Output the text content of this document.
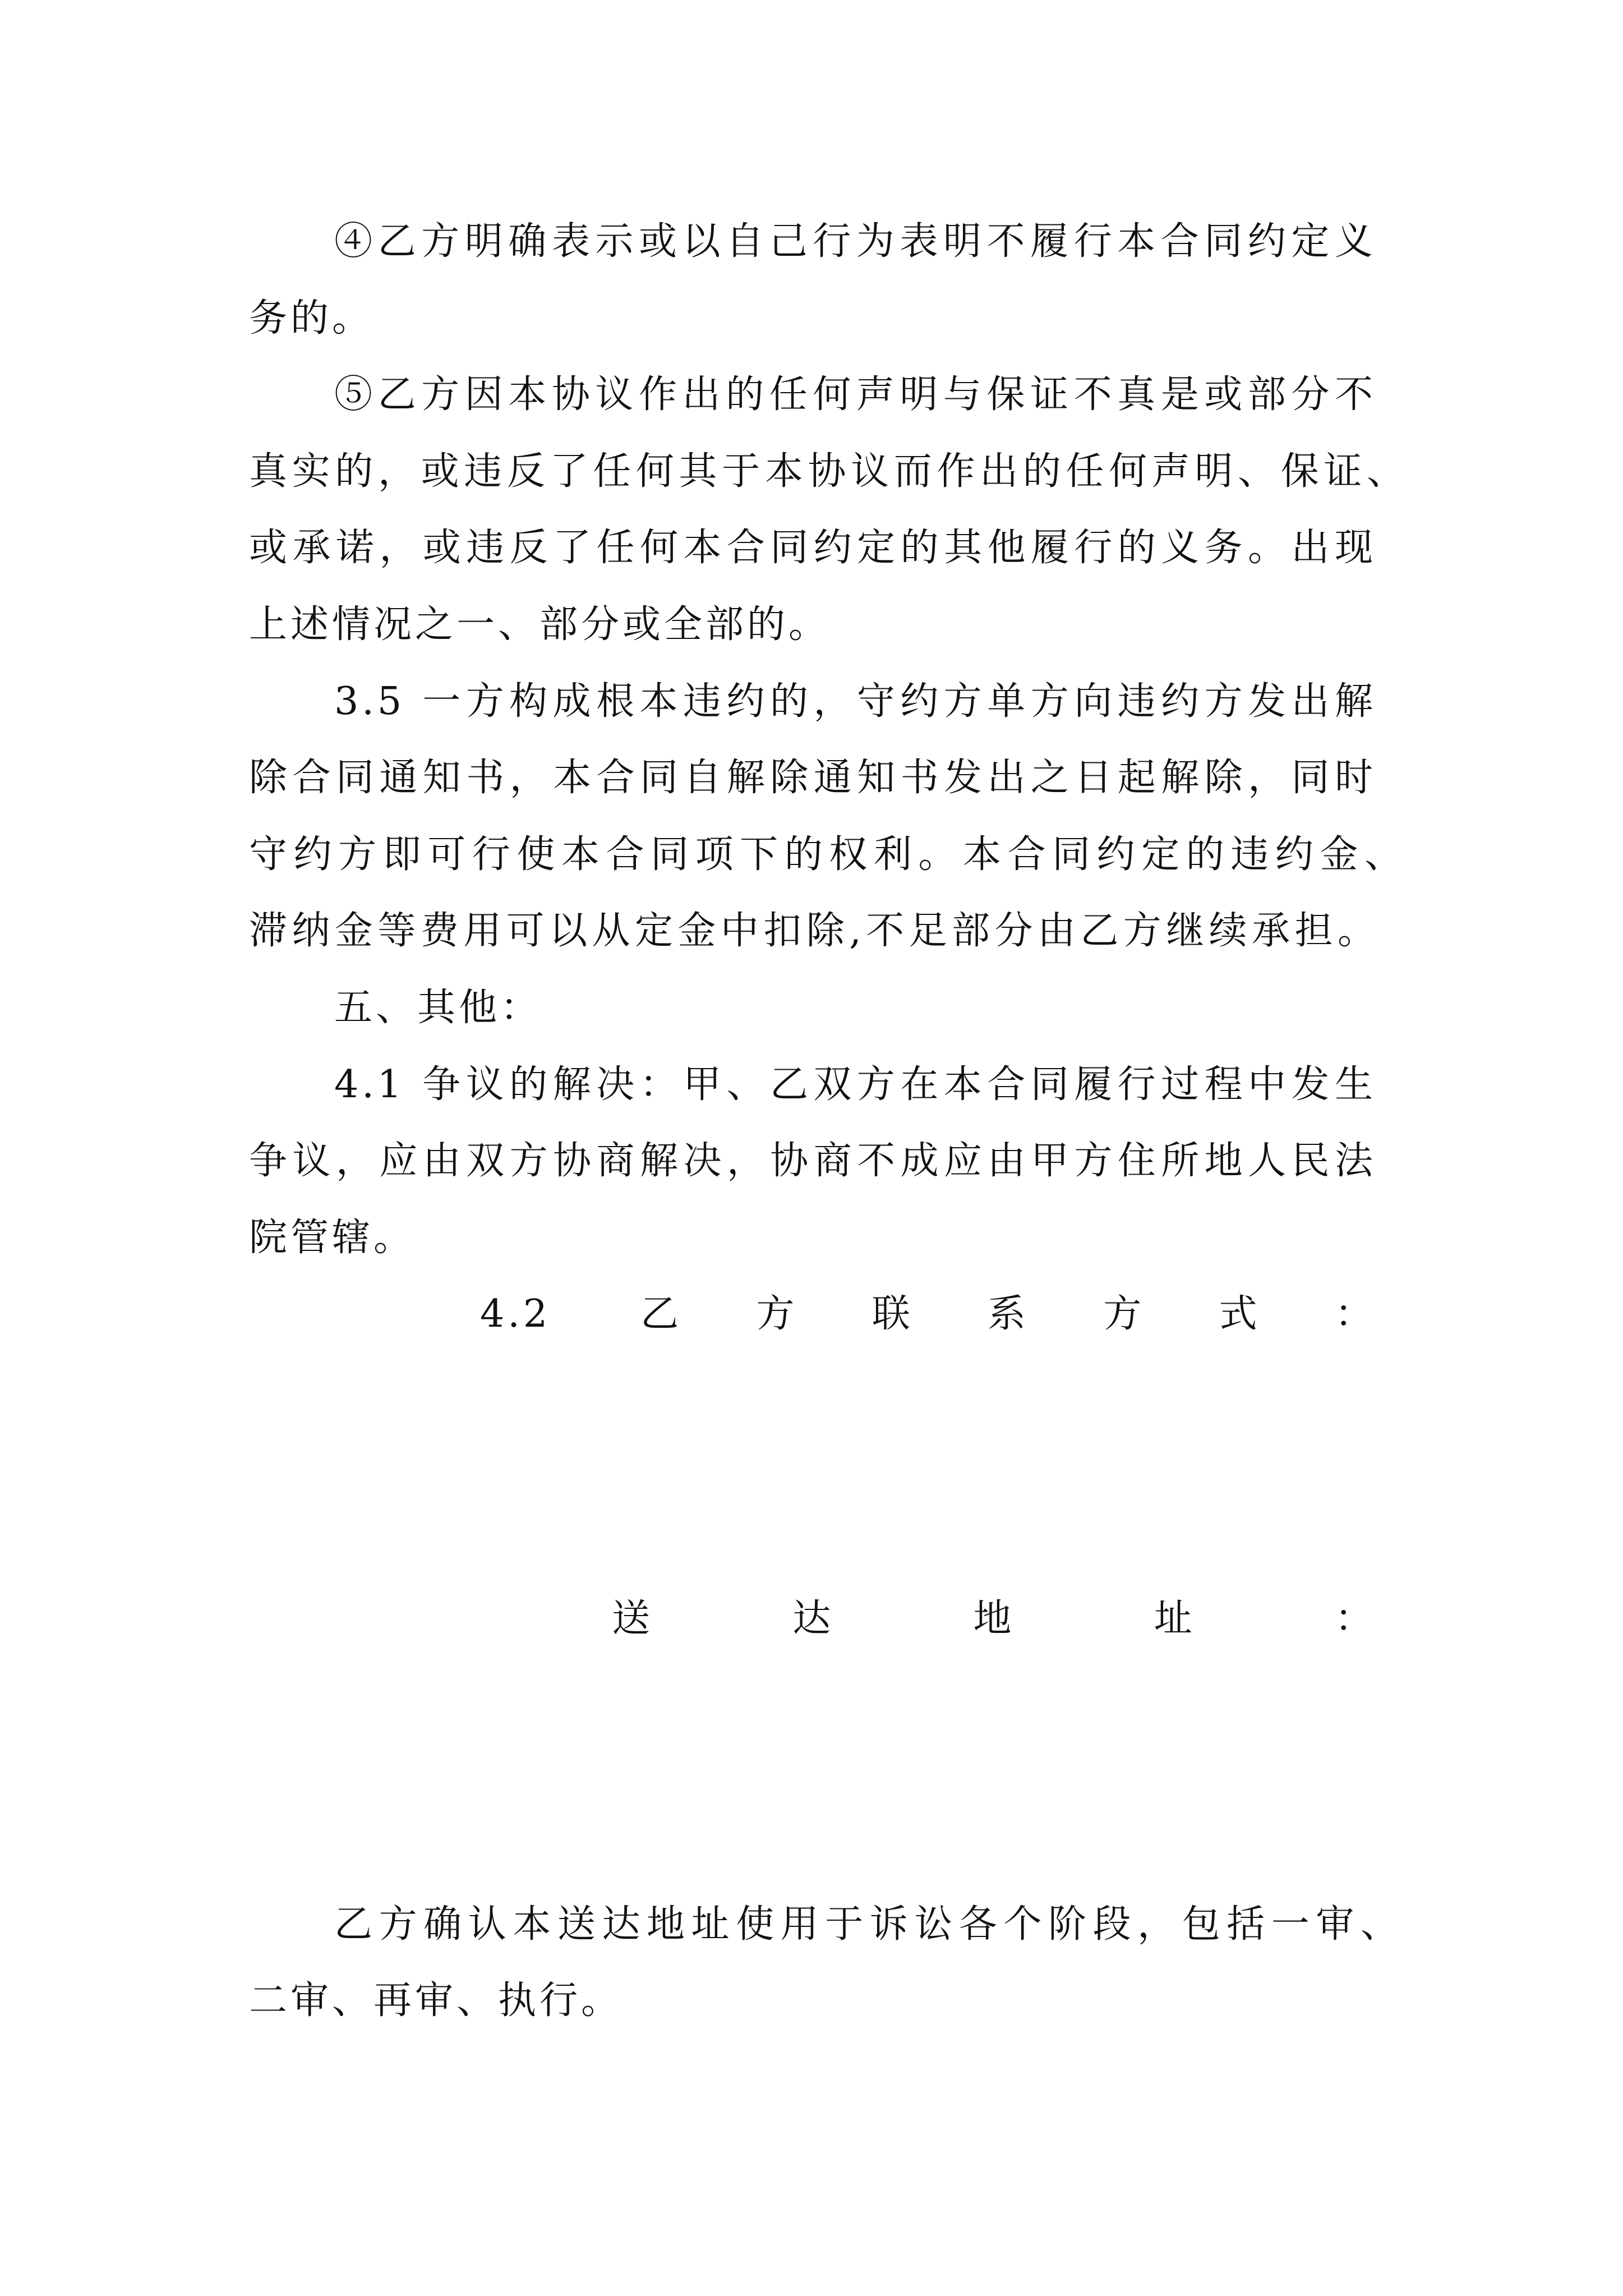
④乙方明确表示或以自己行为表明不履行本合同约定义
务的。
⑤乙方因本协议作出的任何声明与保证不真是或部分不
真实的，或违反了任何其于本协议而作出的任何声明、保证、
或承诺，或违反了任何本合同约定的其他履行的义务。出现
上述情况之一、部分或全部的。
3.5 一方构成根本违约的，守约方单方向违约方发出解
除合同通知书，本合同自解除通知书发出之日起解除，同时
守约方即可行使本合同项下的权利。本合同约定的违约金、
滞纳金等费用可以从定金中扣除,不足部分由乙方继续承担。
五、其他：
4.1 争议的解决：甲、乙双方在本合同履行过程中发生
争议，应由双方协商解决，协商不成应由甲方住所地人民法
院管辖。
4.2 乙方联系方式：
送达地址：
乙方确认本送达地址使用于诉讼各个阶段，包括一审、
二审、再审、执行。
